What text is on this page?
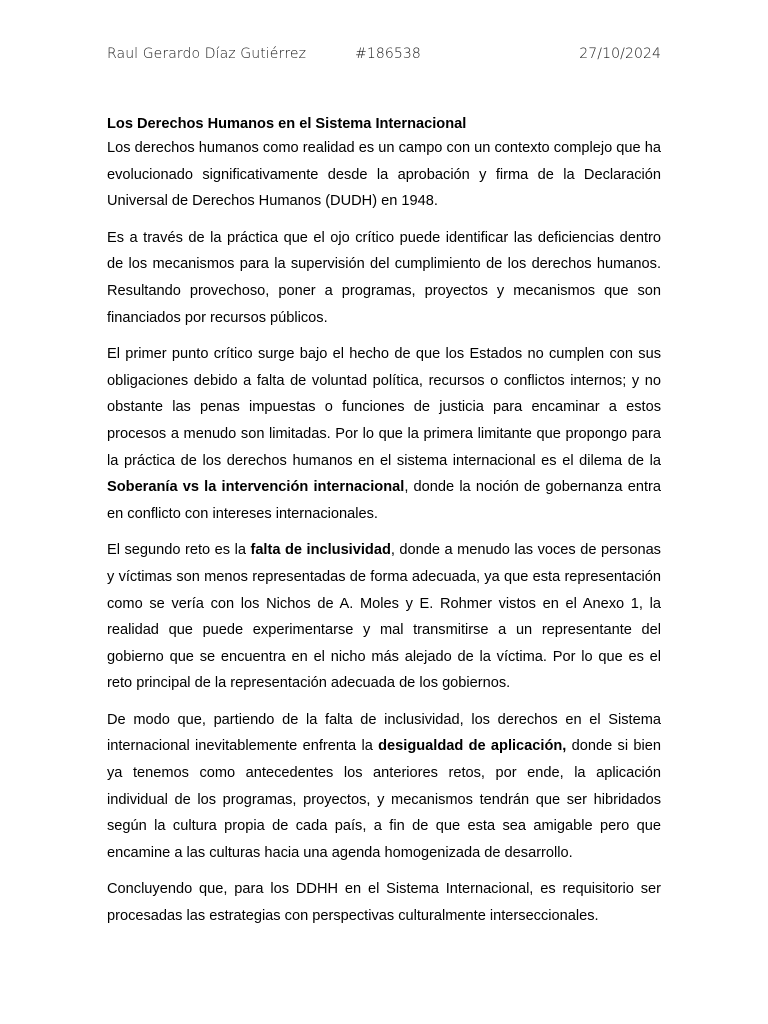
Raul Gerardo Díaz Gutiérrez	#186538	27/10/2024

Los Derechos Humanos en el Sistema Internacional

Los derechos humanos como realidad es un campo con un contexto complejo que ha evolucionado significativamente desde la aprobación y firma de la Declaración Universal de Derechos Humanos (DUDH) en 1948.

Es a través de la práctica que el ojo crítico puede identificar las deficiencias dentro de los mecanismos para la supervisión del cumplimiento de los derechos humanos. Resultando provechoso, poner a programas, proyectos y mecanismos que son financiados por recursos públicos.

El primer punto crítico surge bajo el hecho de que los Estados no cumplen con sus obligaciones debido a falta de voluntad política, recursos o conflictos internos; y no obstante las penas impuestas o funciones de justicia para encaminar a estos procesos a menudo son limitadas. Por lo que la primera limitante que propongo para la práctica de los derechos humanos en el sistema internacional es el dilema de la Soberanía vs la intervención internacional, donde la noción de gobernanza entra en conflicto con intereses internacionales.

El segundo reto es la falta de inclusividad, donde a menudo las voces de personas y víctimas son menos representadas de forma adecuada, ya que esta representación como se vería con los Nichos de A. Moles y E. Rohmer vistos en el Anexo 1, la realidad que puede experimentarse y mal transmitirse a un representante del gobierno que se encuentra en el nicho más alejado de la víctima. Por lo que es el reto principal de la representación adecuada de los gobiernos.

De modo que, partiendo de la falta de inclusividad, los derechos en el Sistema internacional inevitablemente enfrenta la desigualdad de aplicación, donde si bien ya tenemos como antecedentes los anteriores retos, por ende, la aplicación individual de los programas, proyectos, y mecanismos tendrán que ser hibridados según la cultura propia de cada país, a fin de que esta sea amigable pero que encamine a las culturas hacia una agenda homogenizada de desarrollo.

Concluyendo que, para los DDHH en el Sistema Internacional, es requisitorio ser procesadas las estrategias con perspectivas culturalmente interseccionales.
